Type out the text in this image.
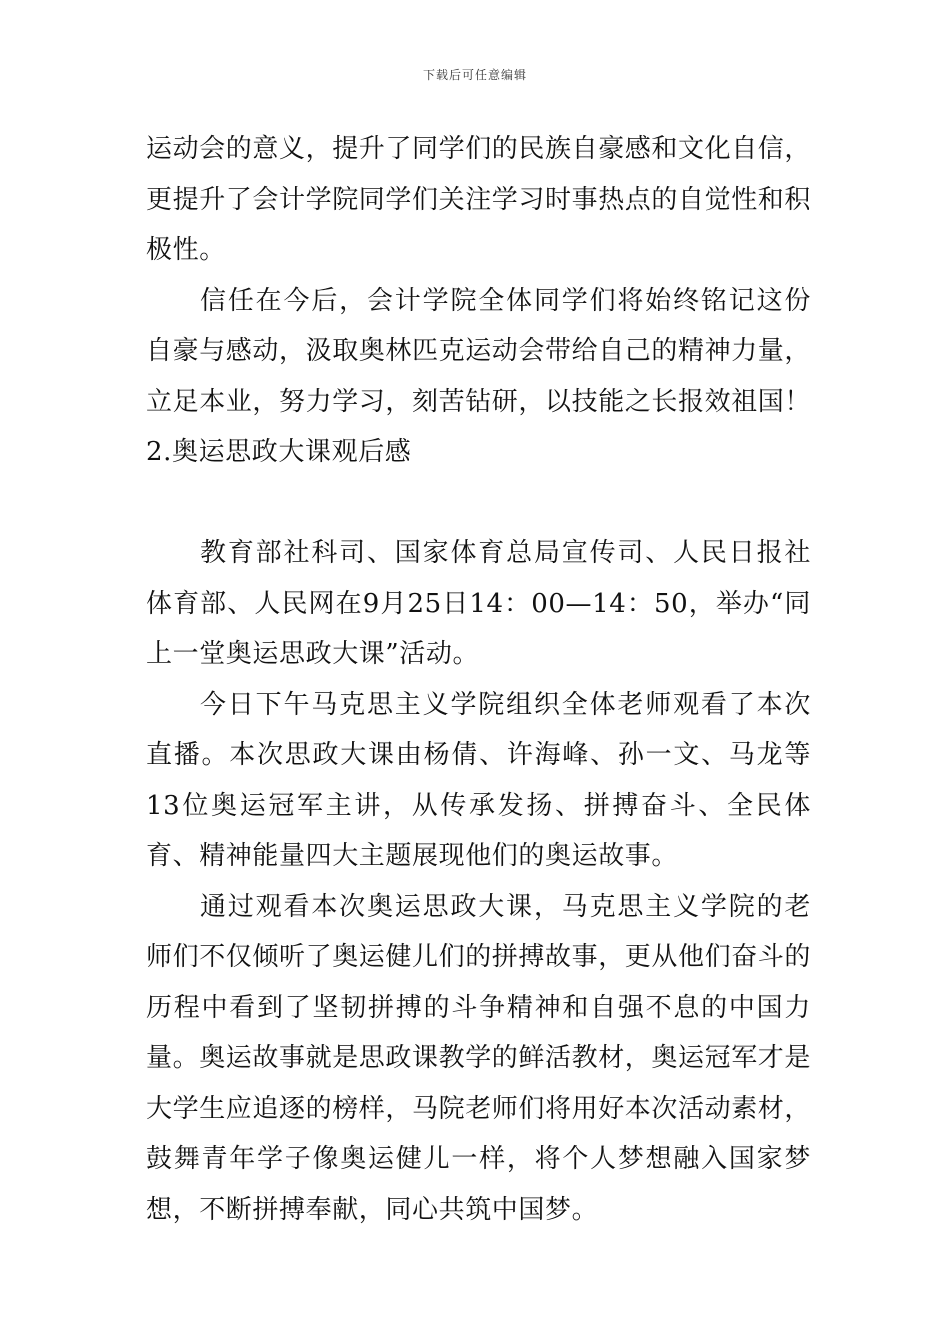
下载后可任意编辑

运动会的意义，提升了同学们的民族自豪感和文化自信，更提升了会计学院同学们关注学习时事热点的自觉性和积极性。

信任在今后，会计学院全体同学们将始终铭记这份自豪与感动，汲取奥林匹克运动会带给自己的精神力量，立足本业，努力学习，刻苦钻研，以技能之长报效祖国！

2.奥运思政大课观后感

教育部社科司、国家体育总局宣传司、人民日报社体育部、人民网在9月25日14：00—14：50，举办“同上一堂奥运思政大课”活动。

今日下午马克思主义学院组织全体老师观看了本次直播。本次思政大课由杨倩、许海峰、孙一文、马龙等13位奥运冠军主讲，从传承发扬、拼搏奋斗、全民体育、精神能量四大主题展现他们的奥运故事。

通过观看本次奥运思政大课，马克思主义学院的老师们不仅倾听了奥运健儿们的拼搏故事，更从他们奋斗的历程中看到了坚韧拼搏的斗争精神和自强不息的中国力量。奥运故事就是思政课教学的鲜活教材，奥运冠军才是大学生应追逐的榜样，马院老师们将用好本次活动素材，鼓舞青年学子像奥运健儿一样，将个人梦想融入国家梦想，不断拼搏奉献，同心共筑中国梦。
